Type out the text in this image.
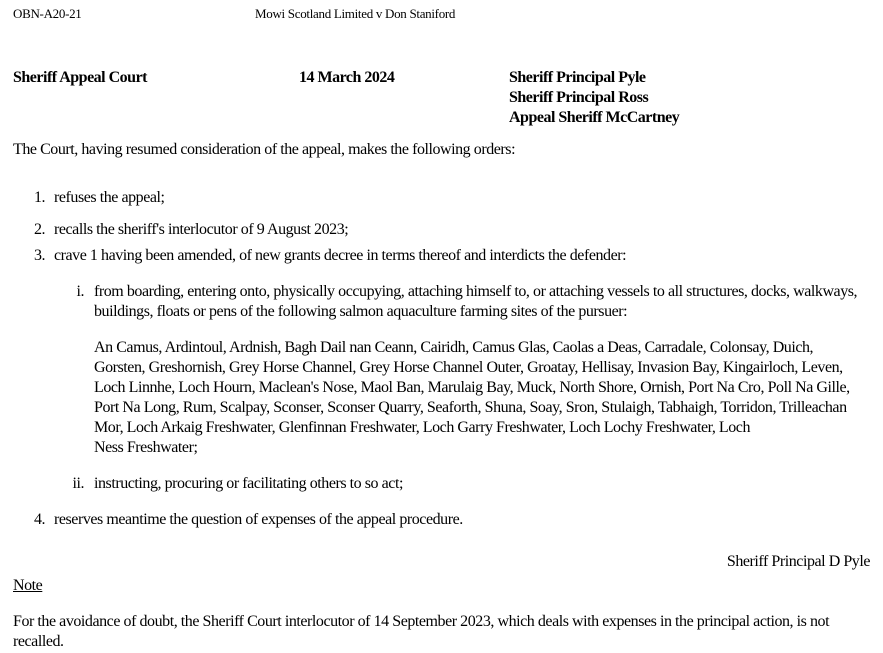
OBN-A20-21	Mowi Scotland Limited v Don Staniford
Sheriff Appeal Court	14 March 2024	Sheriff Principal Pyle
Sheriff Principal Ross
Appeal Sheriff McCartney
The Court, having resumed consideration of the appeal, makes the following orders:
1. refuses the appeal;
2. recalls the sheriff's interlocutor of 9 August 2023;
3. crave 1 having been amended, of new grants decree in terms thereof and interdicts the defender:
i. from boarding, entering onto, physically occupying, attaching himself to, or attaching vessels to all structures, docks, walkways,
buildings, floats or pens of the following salmon aquaculture farming sites of the pursuer:
An Camus, Ardintoul, Ardnish, Bagh Dail nan Ceann, Cairidh, Camus Glas, Caolas a Deas, Carradale, Colonsay, Duich,
Gorsten, Greshornish, Grey Horse Channel, Grey Horse Channel Outer, Groatay, Hellisay, Invasion Bay, Kingairloch, Leven,
Loch Linnhe, Loch Hourn, Maclean's Nose, Maol Ban, Marulaig Bay, Muck, North Shore, Ornish, Port Na Cro, Poll Na Gille,
Port Na Long, Rum, Scalpay, Sconser, Sconser Quarry, Seaforth, Shuna, Soay, Sron, Stulaigh, Tabhaigh, Torridon, Trilleachan
Mor, Loch Arkaig Freshwater, Glenfinnan Freshwater, Loch Garry Freshwater, Loch Lochy Freshwater, Loch
Ness Freshwater;
ii. instructing, procuring or facilitating others to so act;
4. reserves meantime the question of expenses of the appeal procedure.
Sheriff Principal D Pyle
Note
For the avoidance of doubt, the Sheriff Court interlocutor of 14 September 2023, which deals with expenses in the principal action, is not
recalled.
